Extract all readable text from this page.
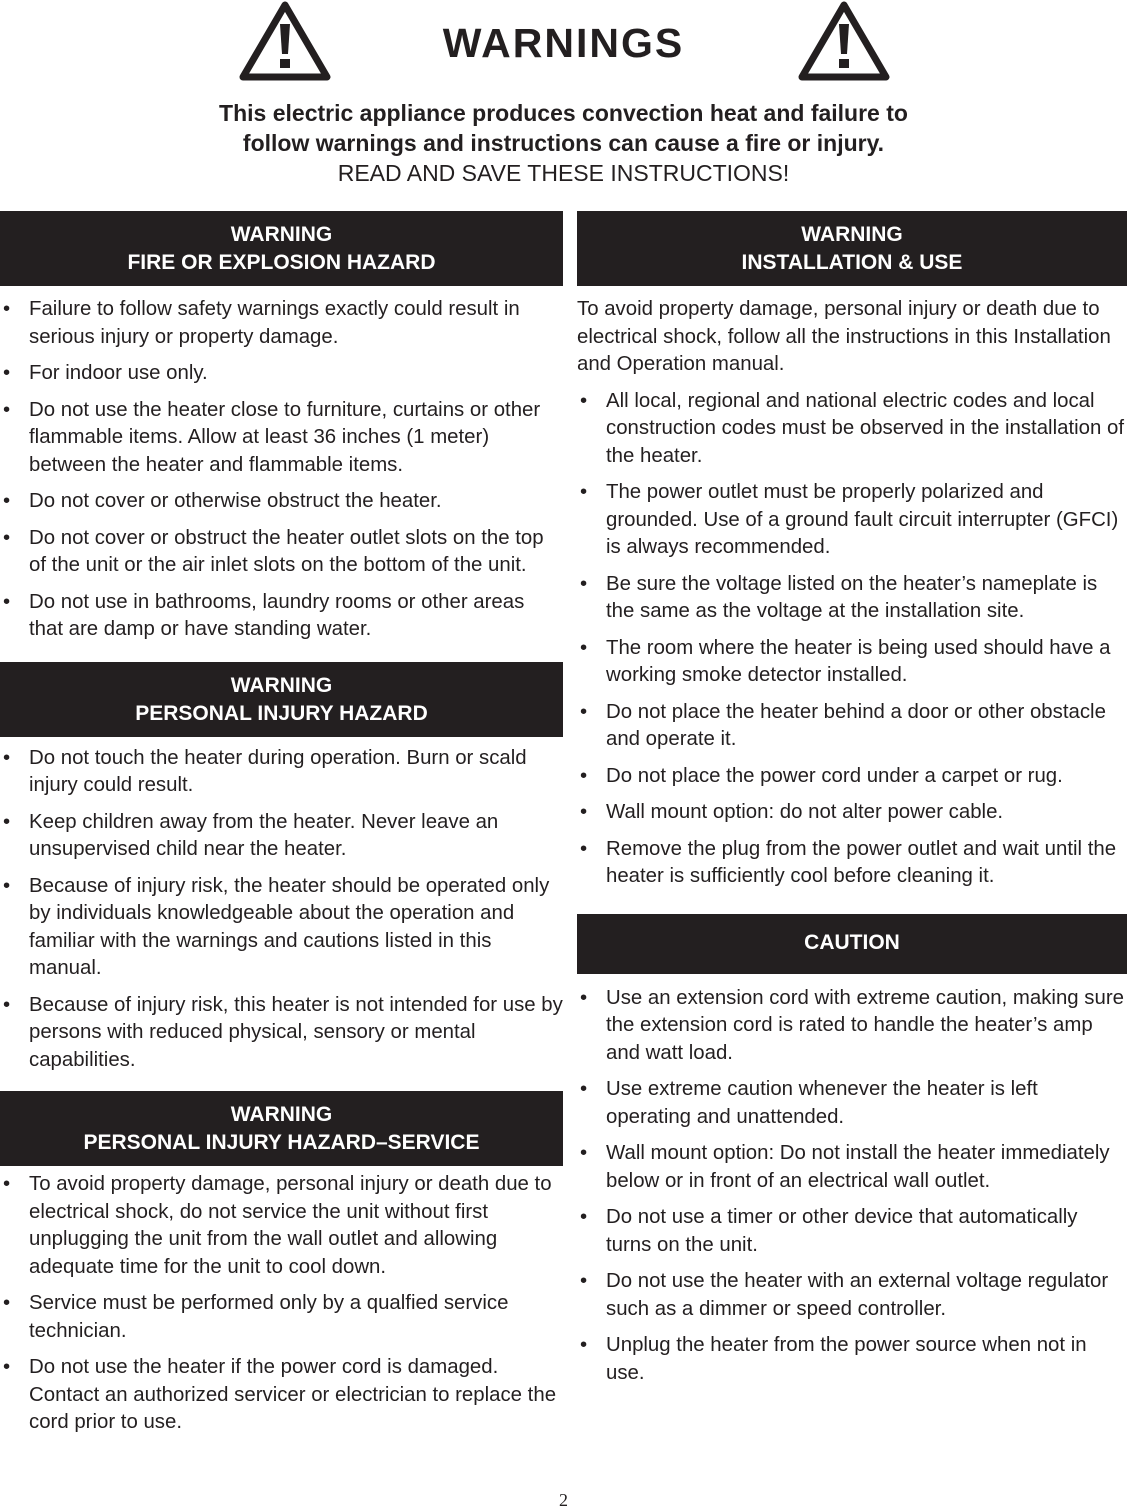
WARNINGS
This electric appliance produces convection heat and failure to
follow warnings and instructions can cause a fire or injury.
READ AND SAVE THESE INSTRUCTIONS!
WARNING
FIRE OR EXPLOSION HAZARD
• Failure to follow safety warnings exactly could result in serious injury or property damage.
• For indoor use only.
• Do not use the heater close to furniture, curtains or other flammable items. Allow at least 36 inches (1 meter) between the heater and flammable items.
• Do not cover or otherwise obstruct the heater.
• Do not cover or obstruct the heater outlet slots on the top of the unit or the air inlet slots on the bottom of the unit.
• Do not use in bathrooms, laundry rooms or other areas that are damp or have standing water.
WARNING
PERSONAL INJURY HAZARD
• Do not touch the heater during operation. Burn or scald injury could result.
• Keep children away from the heater. Never leave an unsupervised child near the heater.
• Because of injury risk, the heater should be operated only by individuals knowledgeable about the operation and familiar with the warnings and cautions listed in this manual.
• Because of injury risk, this heater is not intended for use by persons with reduced physical, sensory or mental capabilities.
WARNING
PERSONAL INJURY HAZARD–SERVICE
• To avoid property damage, personal injury or death due to electrical shock, do not service the unit without first unplugging the unit from the wall outlet and allowing adequate time for the unit to cool down.
• Service must be performed only by a qualfied service technician.
• Do not use the heater if the power cord is damaged. Contact an authorized servicer or electrician to replace the cord prior to use.
WARNING
INSTALLATION & USE
To avoid property damage, personal injury or death due to electrical shock, follow all the instructions in this Installation and Operation manual.
• All local, regional and national electric codes and local construction codes must be observed in the installation of the heater.
• The power outlet must be properly polarized and grounded. Use of a ground fault circuit interrupter (GFCI) is always recommended.
• Be sure the voltage listed on the heater’s nameplate is the same as the voltage at the installation site.
• The room where the heater is being used should have a working smoke detector installed.
• Do not place the heater behind a door or other obstacle and operate it.
• Do not place the power cord under a carpet or rug.
• Wall mount option: do not alter power cable.
• Remove the plug from the power outlet and wait until the heater is sufficiently cool before cleaning it.
CAUTION
• Use an extension cord with extreme caution, making sure the extension cord is rated to handle the heater’s amp and watt load.
• Use extreme caution whenever the heater is left operating and unattended.
• Wall mount option: Do not install the heater immediately below or in front of an electrical wall outlet.
• Do not use a timer or other device that automatically turns on the unit.
• Do not use the heater with an external voltage regulator such as a dimmer or speed controller.
• Unplug the heater from the power source when not in use.
2
